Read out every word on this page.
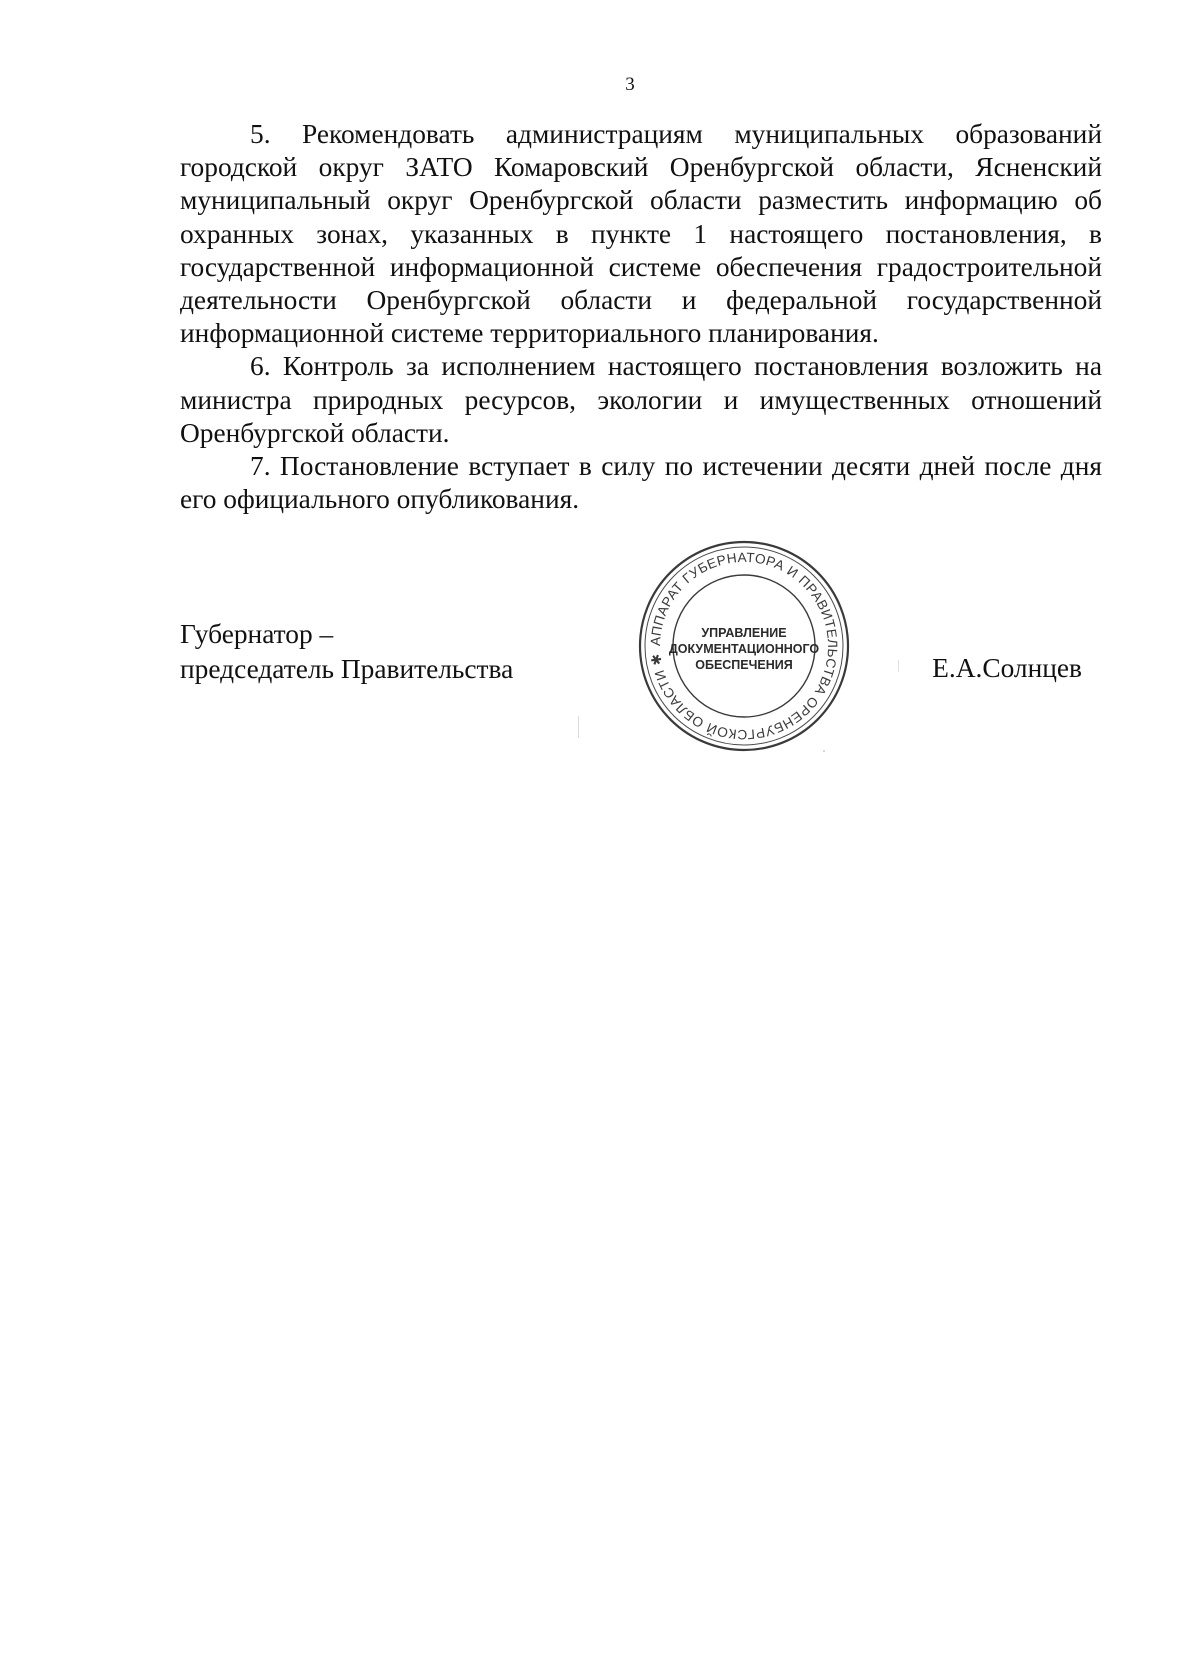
3

5. Рекомендовать администрациям муниципальных образований городской округ ЗАТО Комаровский Оренбургской области, Ясненский муниципальный округ Оренбургской области разместить информацию об охранных зонах, указанных в пункте 1 настоящего постановления, в государственной информационной системе обеспечения градостроительной деятельности Оренбургской области и федеральной государственной информационной системе территориального планирования.

6. Контроль за исполнением настоящего постановления возложить на министра природных ресурсов, экологии и имущественных отношений Оренбургской области.

7. Постановление вступает в силу по истечении десяти дней после дня его официального опубликования.

Губернатор –
председатель Правительства
АППАРАТ ГУБЕРНАТОРА И ПРАВИТЕЛЬСТВА ОРЕНБУРГСКОЙ ОБЛАСТИ ✱
УПРАВЛЕНИЕ
ДОКУМЕНТАЦИОННОГО
ОБЕСПЕЧЕНИЯ	Е.А.Солнцев
